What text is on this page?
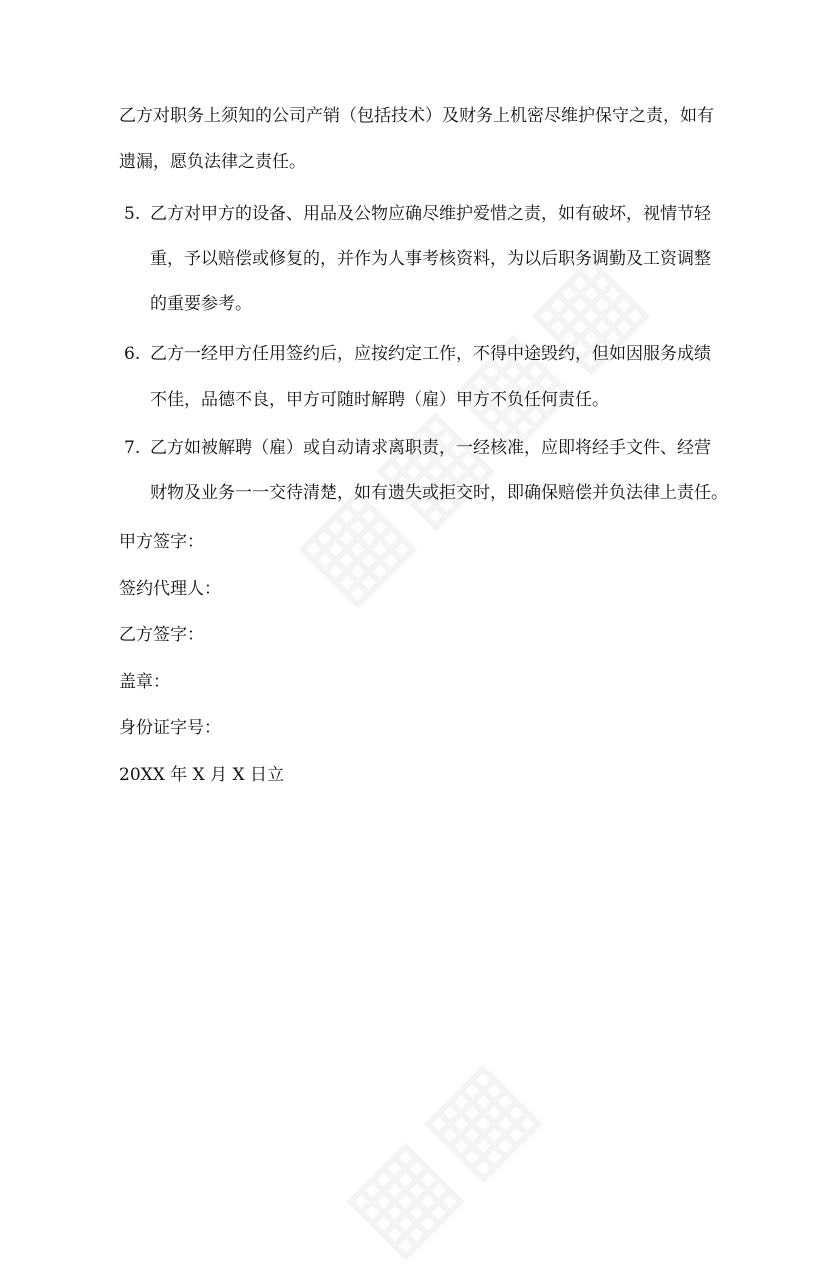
乙方对职务上须知的公司产销（包括技术）及财务上机密尽维护保守之责，如有
遗漏，愿负法律之责任。
5. 乙方对甲方的设备、用品及公物应确尽维护爱惜之责，如有破坏，视情节轻
重，予以赔偿或修复的，并作为人事考核资料，为以后职务调勤及工资调整
的重要参考。
6. 乙方一经甲方任用签约后，应按约定工作，不得中途毁约，但如因服务成绩
不佳，品德不良，甲方可随时解聘（雇）甲方不负任何责任。
7. 乙方如被解聘（雇）或自动请求离职责，一经核准，应即将经手文件、经营
财物及业务一一交待清楚，如有遗失或拒交时，即确保赔偿并负法律上责任。
甲方签字：
签约代理人：
乙方签字：
盖章：
身份证字号：
20XX 年 X 月 X 日立
